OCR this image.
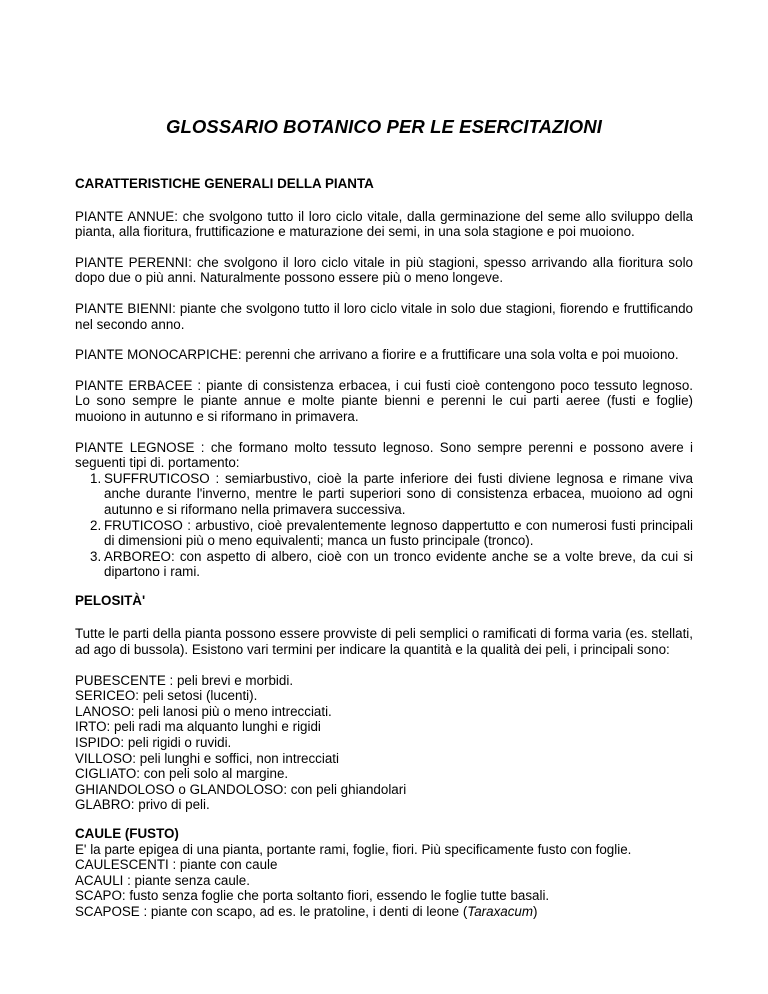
GLOSSARIO BOTANICO PER LE ESERCITAZIONI

CARATTERISTICHE GENERALI DELLA PIANTA

PIANTE ANNUE: che svolgono tutto il loro ciclo vitale, dalla germinazione del seme allo sviluppo della pianta, alla fioritura, fruttificazione e maturazione dei semi, in una sola stagione e poi muoiono.

PIANTE PERENNI: che svolgono il loro ciclo vitale in più stagioni, spesso arrivando alla fioritura solo dopo due o più anni. Naturalmente possono essere più o meno longeve.

PIANTE BIENNI: piante che svolgono tutto il loro ciclo vitale in solo due stagioni, fiorendo e fruttificando nel secondo anno.

PIANTE MONOCARPICHE: perenni che arrivano a fiorire e a fruttificare una sola volta e poi muoiono.

PIANTE ERBACEE : piante di consistenza erbacea, i cui fusti cioè contengono poco tessuto legnoso. Lo sono sempre le piante annue e molte piante bienni e perenni le cui parti aeree (fusti e foglie) muoiono in autunno e si riformano in primavera.

PIANTE LEGNOSE : che formano molto tessuto legnoso. Sono sempre perenni e possono avere i seguenti tipi di. portamento:

1. SUFFRUTICOSO : semiarbustivo, cioè la parte inferiore dei fusti diviene legnosa e rimane viva anche durante l'inverno, mentre le parti superiori sono di consistenza erbacea, muoiono ad ogni autunno e si riformano nella primavera successiva.
2. FRUTICOSO : arbustivo, cioè prevalentemente legnoso dappertutto e con numerosi fusti principali di dimensioni più o meno equivalenti; manca un fusto principale (tronco).
3. ARBOREO: con aspetto di albero, cioè con un tronco evidente anche se a volte breve, da cui si dipartono i rami.

PELOSITÀ'

Tutte le parti della pianta possono essere provviste di peli semplici o ramificati di forma varia (es. stellati, ad ago di bussola). Esistono vari termini per indicare la quantità e la qualità dei peli, i principali sono:

PUBESCENTE : peli brevi e morbidi.
SERICEO: peli setosi (lucenti).
LANOSO: peli lanosi più o meno intrecciati.
IRTO: peli radi ma alquanto lunghi e rigidi
ISPIDO: peli rigidi o ruvidi.
VILLOSO: peli lunghi e soffici, non intrecciati
CIGLIATO: con peli solo al margine.
GHIANDOLOSO o GLANDOLOSO: con peli ghiandolari
GLABRO: privo di peli.

CAULE (FUSTO)

E' la parte epigea di una pianta, portante rami, foglie, fiori. Più specificamente fusto con foglie.
CAULESCENTI : piante con caule
ACAULI : piante senza caule.
SCAPO: fusto senza foglie che porta soltanto fiori, essendo le foglie tutte basali.
SCAPOSE : piante con scapo, ad es. le pratoline, i denti di leone (Taraxacum)
